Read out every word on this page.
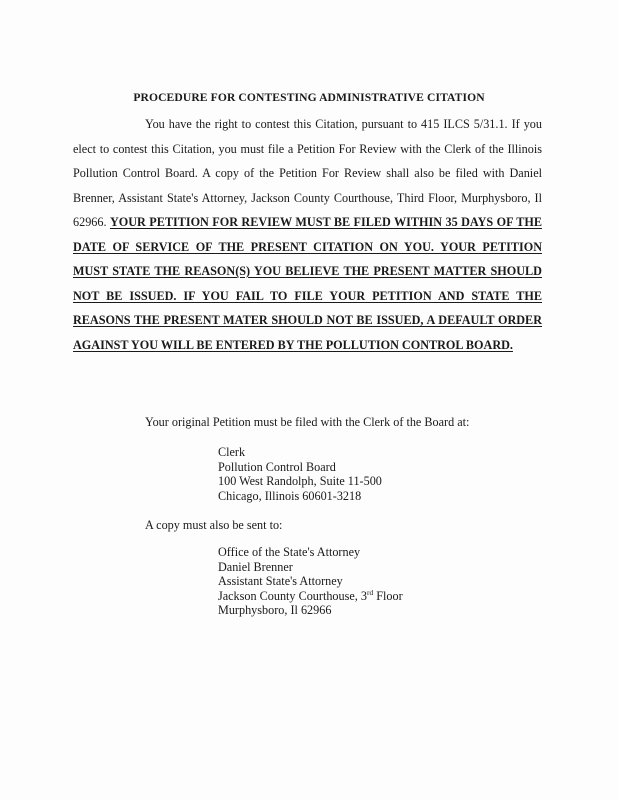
PROCEDURE FOR CONTESTING ADMINISTRATIVE CITATION
You have the right to contest this Citation, pursuant to 415 ILCS 5/31.1. If you elect to contest this Citation, you must file a Petition For Review with the Clerk of the Illinois Pollution Control Board. A copy of the Petition For Review shall also be filed with Daniel Brenner, Assistant State's Attorney, Jackson County Courthouse, Third Floor, Murphysboro, Il 62966. YOUR PETITION FOR REVIEW MUST BE FILED WITHIN 35 DAYS OF THE DATE OF SERVICE OF THE PRESENT CITATION ON YOU. YOUR PETITION MUST STATE THE REASON(S) YOU BELIEVE THE PRESENT MATTER SHOULD NOT BE ISSUED. IF YOU FAIL TO FILE YOUR PETITION AND STATE THE REASONS THE PRESENT MATER SHOULD NOT BE ISSUED, A DEFAULT ORDER AGAINST YOU WILL BE ENTERED BY THE POLLUTION CONTROL BOARD.
Your original Petition must be filed with the Clerk of the Board at:
Clerk
Pollution Control Board
100 West Randolph, Suite 11-500
Chicago, Illinois 60601-3218
A copy must also be sent to:
Office of the State's Attorney
Daniel Brenner
Assistant State's Attorney
Jackson County Courthouse, 3rd Floor
Murphysboro, Il 62966
